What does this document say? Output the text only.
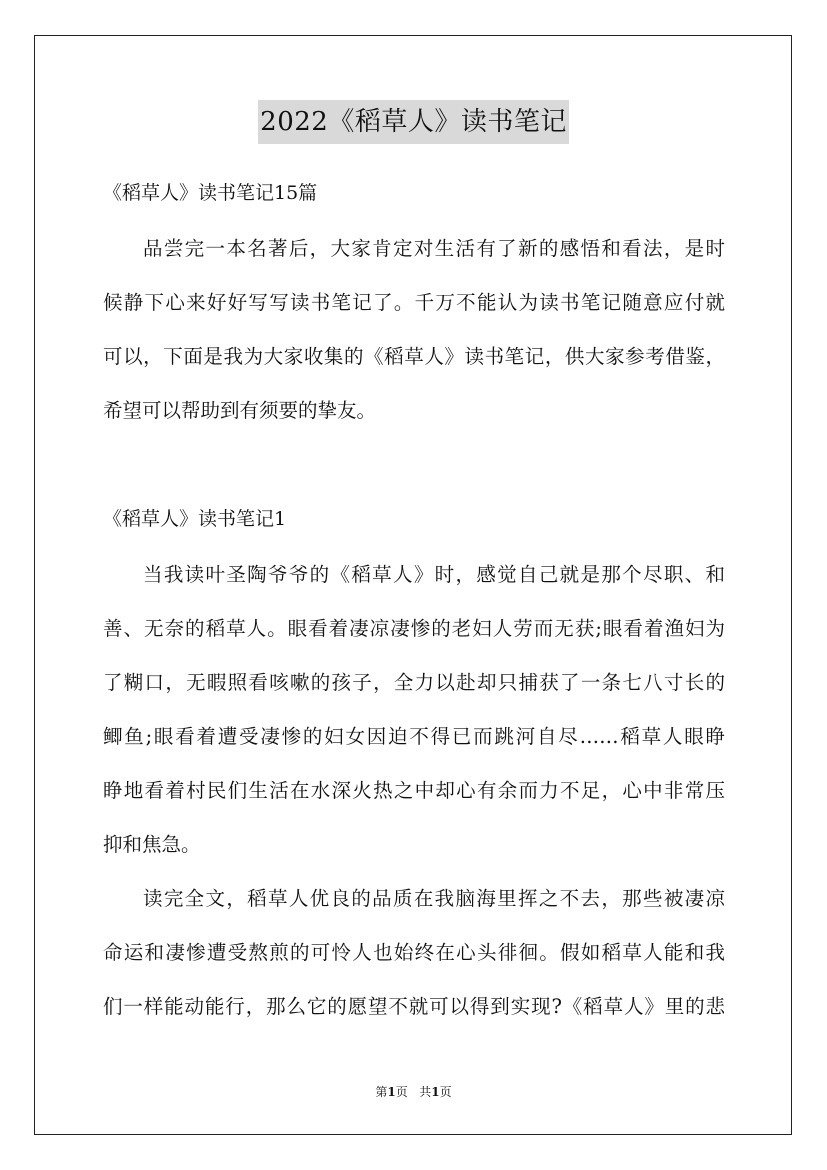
2022《稻草人》读书笔记
《稻草人》读书笔记15篇
品尝完一本名著后，大家肯定对生活有了新的感悟和看法，是时
候静下心来好好写写读书笔记了。千万不能认为读书笔记随意应付就
可以，下面是我为大家收集的《稻草人》读书笔记，供大家参考借鉴，
希望可以帮助到有须要的挚友。
《稻草人》读书笔记1
当我读叶圣陶爷爷的《稻草人》时，感觉自己就是那个尽职、和
善、无奈的稻草人。眼看着凄凉凄惨的老妇人劳而无获;眼看着渔妇为
了糊口，无暇照看咳嗽的孩子，全力以赴却只捕获了一条七八寸长的
鲫鱼;眼看着遭受凄惨的妇女因迫不得已而跳河自尽……稻草人眼睁
睁地看着村民们生活在水深火热之中却心有余而力不足，心中非常压
抑和焦急。
读完全文，稻草人优良的品质在我脑海里挥之不去，那些被凄凉
命运和凄惨遭受熬煎的可怜人也始终在心头徘徊。假如稻草人能和我
们一样能动能行，那么它的愿望不就可以得到实现?《稻草人》里的悲
第1页 共1页
